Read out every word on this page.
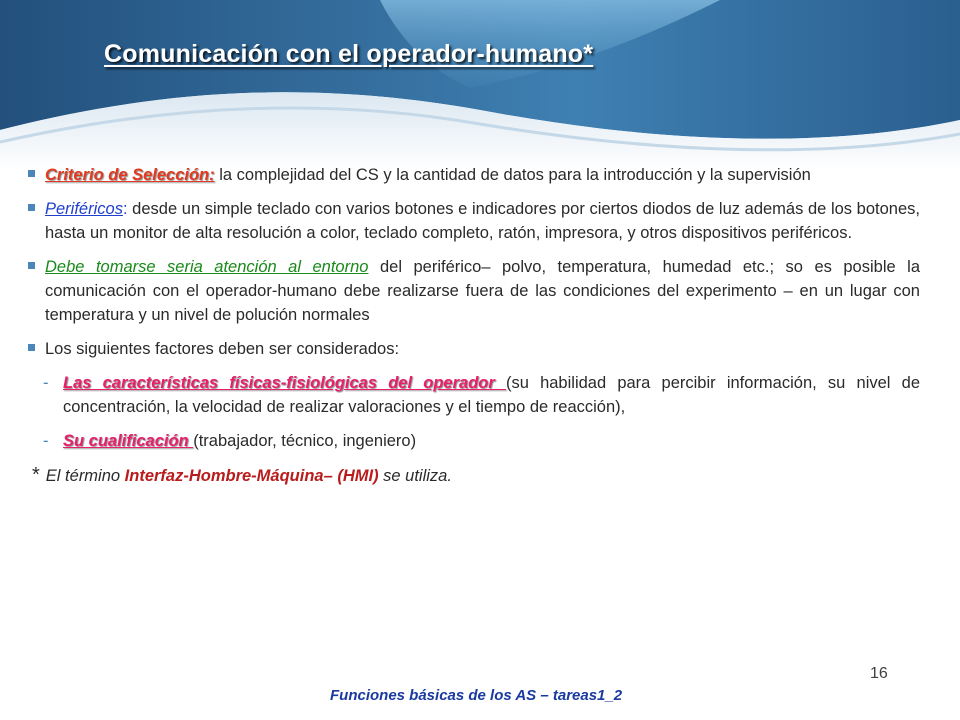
Comunicación con el operador-humano*
Criterio de Selección: la complejidad del CS y la cantidad de datos para la introducción y la supervisión
Periféricos: desde un simple teclado con varios botones e indicadores por ciertos diodos de luz además de los botones, hasta un monitor de alta resolución a color, teclado completo, ratón, impresora, y otros dispositivos periféricos.
Debe tomarse seria atención al entorno del periférico– polvo, temperatura, humedad etc.; so es posible la comunicación con el operador-humano debe realizarse fuera de las condiciones del experimento – en un lugar con temperatura y un nivel de polución normales
Los siguientes factores deben ser considerados:
- Las características físicas-fisiológicas del operador (su habilidad para percibir información, su nivel de concentración, la velocidad de realizar valoraciones y el tiempo de reacción),
- Su cualificación (trabajador, técnico, ingeniero)
* El término Interfaz-Hombre-Máquina– (HMI) se utiliza.
16
Funciones básicas de los AS – tareas1_2
